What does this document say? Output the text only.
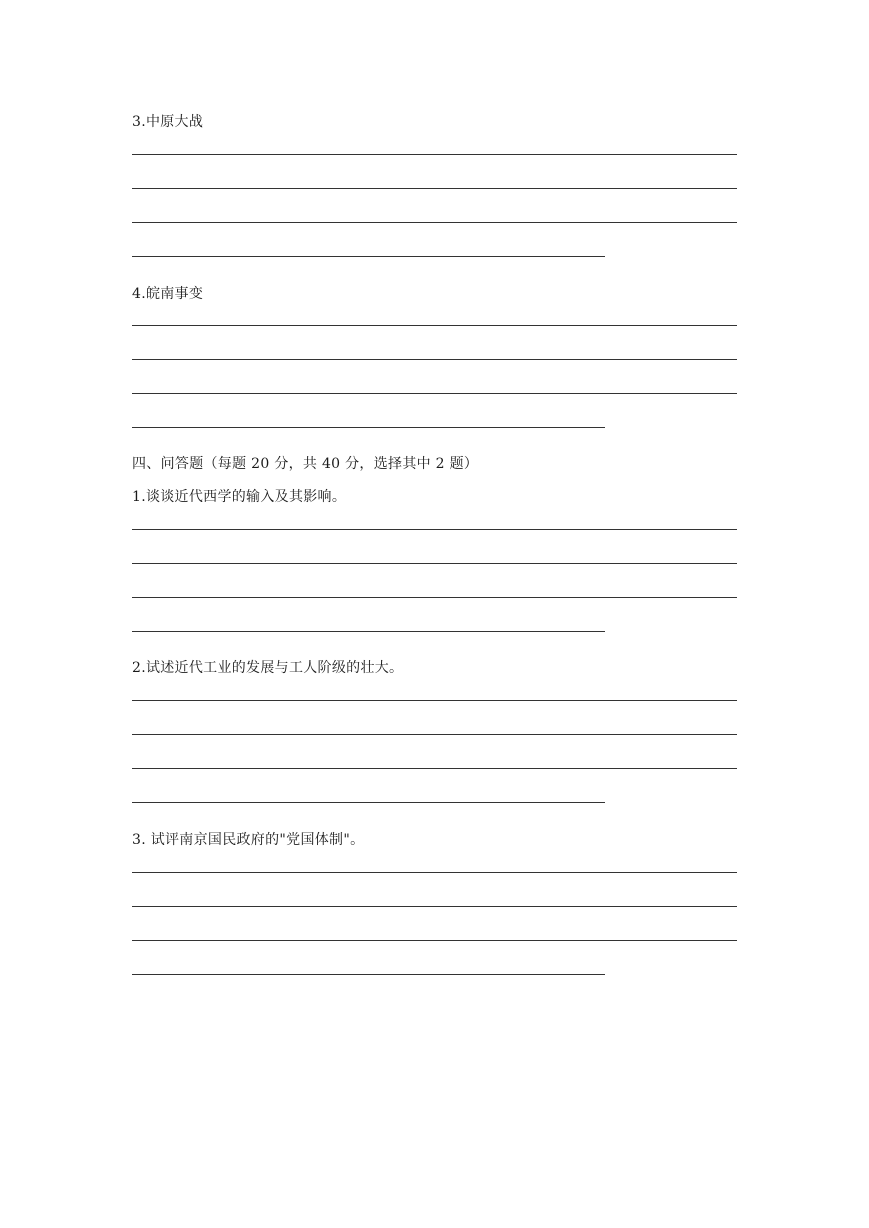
3.中原大战
4.皖南事变
四、问答题（每题 20 分，共 40 分，选择其中 2 题）
1.谈谈近代西学的输入及其影响。
2.试述近代工业的发展与工人阶级的壮大。
3. 试评南京国民政府的"党国体制"。
